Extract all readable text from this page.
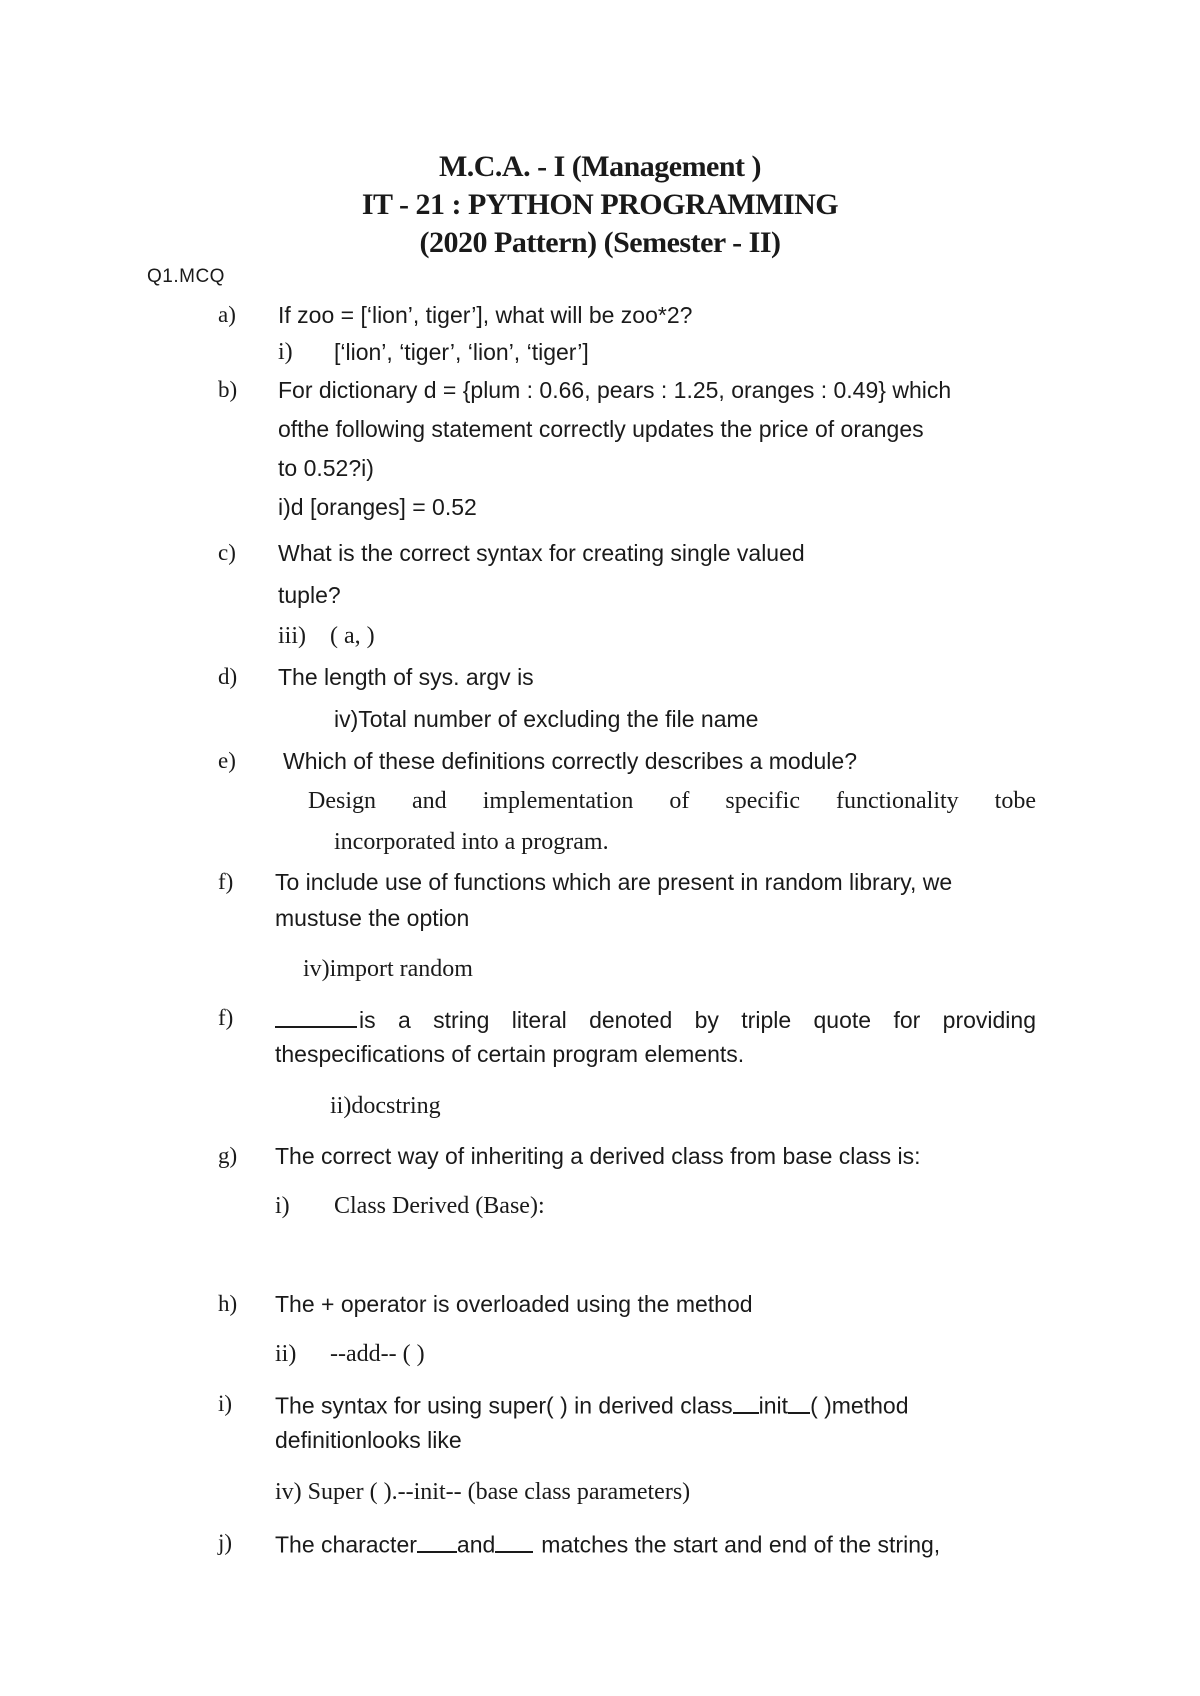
M.C.A. - I (Management )
IT - 21 : PYTHON PROGRAMMING
(2020 Pattern) (Semester - II)
Q1.MCQ
a) If zoo = [‘lion’, tiger’], what will be zoo*2?
i) [‘lion’, ‘tiger’, ‘lion’, ‘tiger’]
b) For dictionary d = {plum : 0.66, pears : 1.25, oranges : 0.49} which
ofthe following statement correctly updates the price of oranges
to 0.52?i)
i)d [oranges] = 0.52
c) What is the correct syntax for creating single valued
tuple?
iii)    ( a, )
d) The length of sys. argv is
iv)Total number of excluding the file name
e) Which of these definitions correctly describes a module?
Design and implementation of specific functionality tobe
incorporated into a program.
f) To include use of functions which are present in random library, we
mustuse the option
iv)import random
f)	is a string literal denoted by triple quote for providing
thespecifications of certain program elements.
ii)docstring
g) The correct way of inheriting a derived class from base class is:
i) Class Derived (Base):
h) The + operator is overloaded using the method
ii) --add-- ( )
i) The syntax for using super( ) in derived class init ( )method
definitionlooks like
iv) Super ( ).--init-- (base class parameters)
j) The character and matches the start and end of the string,
